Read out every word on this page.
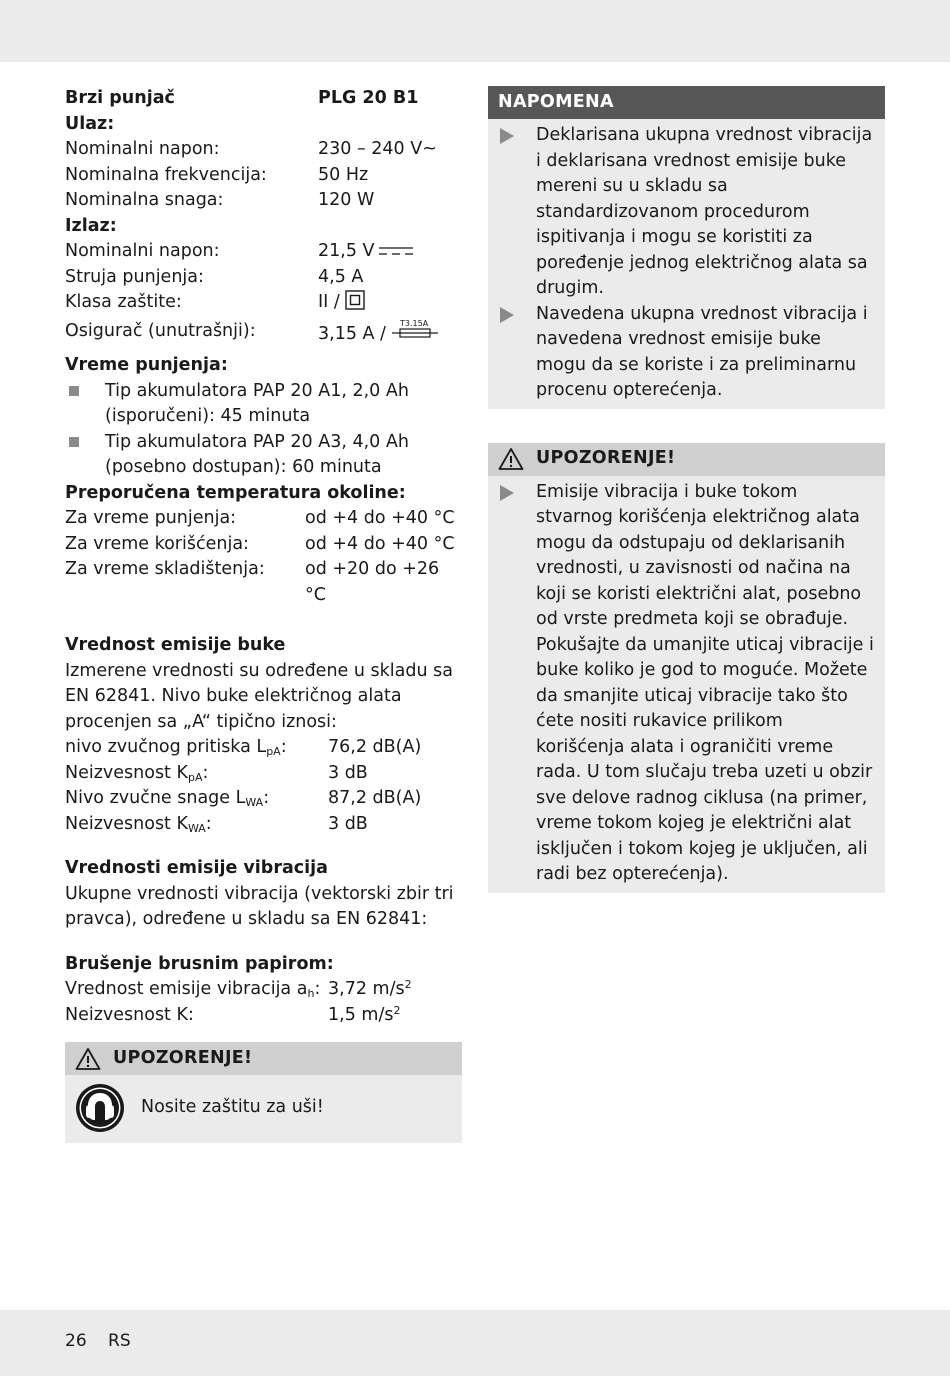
Brzi punjač	PLG 20 B1
Ulaz:
Nominalni napon:	230 – 240 V~
Nominalna frekvencija:	50 Hz
Nominalna snaga:	120 W
Izlaz:
Nominalni napon:	21,5 V
Struja punjenja:	4,5 A
Klasa zaštite:	II /
Osigurač (unutrašnji):	3,15 A /
T3.15A
Vreme punjenja:
Tip akumulatora PAP 20 A1, 2,0 Ah (isporučeni): 45 minuta
Tip akumulatora PAP 20 A3, 4,0 Ah (posebno dostupan): 60 minuta
Preporučena temperatura okoline:
Za vreme punjenja:	od +4 do +40 °C
Za vreme korišćenja:	od +4 do +40 °C
Za vreme skladištenja:	od +20 do +26 °C
Vrednost emisije buke
Izmerene vrednosti su određene u skladu sa EN 62841. Nivo buke električnog alata procenjen sa „A“ tipično iznosi:
nivo zvučnog pritiska $L_{pA}$:	76,2 dB(A)
Neizvesnost $K_{pA}$:	3 dB
Nivo zvučne snage $L_{WA}$:	87,2 dB(A)
Neizvesnost $K_{WA}$:	3 dB
Vrednosti emisije vibracija
Ukupne vrednosti vibracija (vektorski zbir tri pravca), određene u skladu sa EN 62841:
Brušenje brusnim papirom:
Vrednost emisije vibracija $a_h$: 3,72 $m/s^2$
Neizvesnost K:	1,5 $m/s^2$
UPOZORENJE!
Nosite zaštitu za uši!
NAPOMENA
Deklarisana ukupna vrednost vibracija i deklarisana vrednost emisije buke mereni su u skladu sa standardizovanom procedurom ispitivanja i mogu se koristiti za poređenje jednog električnog alata sa drugim.
Navedena ukupna vrednost vibracija i navedena vrednost emisije buke mogu da se koriste i za preliminarnu procenu opterećenja.
UPOZORENJE!
Emisije vibracija i buke tokom stvarnog korišćenja električnog alata mogu da odstupaju od deklarisanih vrednosti, u zavisnosti od načina na koji se koristi električni alat, posebno od vrste predmeta koji se obrađuje.
Pokušajte da umanjite uticaj vibracije i buke koliko je god to moguće. Možete da smanjite uticaj vibracije tako što ćete nositi rukavice prilikom korišćenja alata i ograničiti vreme rada. U tom slučaju treba uzeti u obzir sve delove radnog ciklusa (na primer, vreme tokom kojeg je električni alat isključen i tokom kojeg je uključen, ali radi bez opterećenja).
26 RS
